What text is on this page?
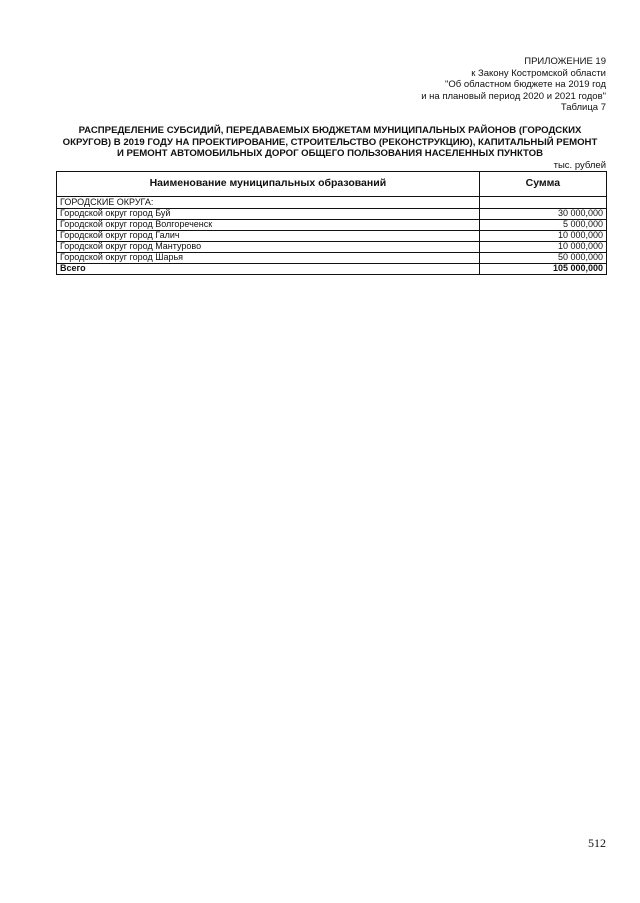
ПРИЛОЖЕНИЕ 19
к Закону Костромской области
"Об областном бюджете на 2019 год
и на плановый период 2020 и 2021 годов"
Таблица 7
РАСПРЕДЕЛЕНИЕ СУБСИДИЙ, ПЕРЕДАВАЕМЫХ БЮДЖЕТАМ МУНИЦИПАЛЬНЫХ РАЙОНОВ (ГОРОДСКИХ
ОКРУГОВ) В 2019 ГОДУ НА ПРОЕКТИРОВАНИЕ, СТРОИТЕЛЬСТВО (РЕКОНСТРУКЦИЮ), КАПИТАЛЬНЫЙ РЕМОНТ
И РЕМОНТ АВТОМОБИЛЬНЫХ ДОРОГ ОБЩЕГО ПОЛЬЗОВАНИЯ НАСЕЛЕННЫХ ПУНКТОВ
тыс. рублей
Наименование муниципальных образований	Сумма
ГОРОДСКИЕ ОКРУГА:	
Городской округ город Буй	30 000,000
Городской округ город Волгореченск	5 000,000
Городской округ город Галич	10 000,000
Городской округ город Мантурово	10 000,000
Городской округ город Шарья	50 000,000
Всего	105 000,000
512
